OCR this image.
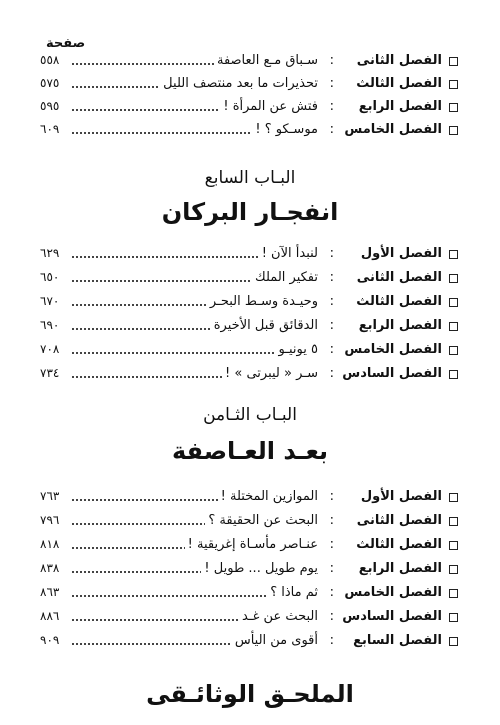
صفحة
الفصل الثانى
:
سـباق مـع العاصفة
٥٥٨
الفصل الثالث
:
تحذيرات ما بعد منتصف الليل
٥٧٥
الفصل الرابع
:
فتش عن المرأة !
٥٩٥
الفصل الخامس
:
موسـكو ؟ !
٦٠٩
البـاب السابع
انفجـار البركان
الفصل الأول
:
لنبدأ الآن !
٦٢٩
الفصل الثانى
:
تفكير الملك
٦٥٠
الفصل الثالث
:
وحيـدة وسـط البحـر
٦٧٠
الفصل الرابع
:
الدقائق قبل الأخيرة
٦٩٠
الفصل الخامس
:
٥ يونيـو
٧٠٨
الفصل السادس
:
سـر « ليبرتى » !
٧٣٤
البـاب الثـامن
بعـد العـاصفة
الفصل الأول
:
الموازين المختلة !
٧٦٣
الفصل الثانى
:
البحث عن الحقيقة ؟
٧٩٦
الفصل الثالث
:
عنـاصر مأسـاة إغريقية !
٨١٨
الفصل الرابع
:
يوم طويل ... طويل !
٨٣٨
الفصل الخامس
:
ثم ماذا ؟
٨٦٣
الفصل السادس
:
البحث عن غـد
٨٨٦
الفصل السابع
:
أقوى من اليأس
٩٠٩
الملحـق الوثائـقى
